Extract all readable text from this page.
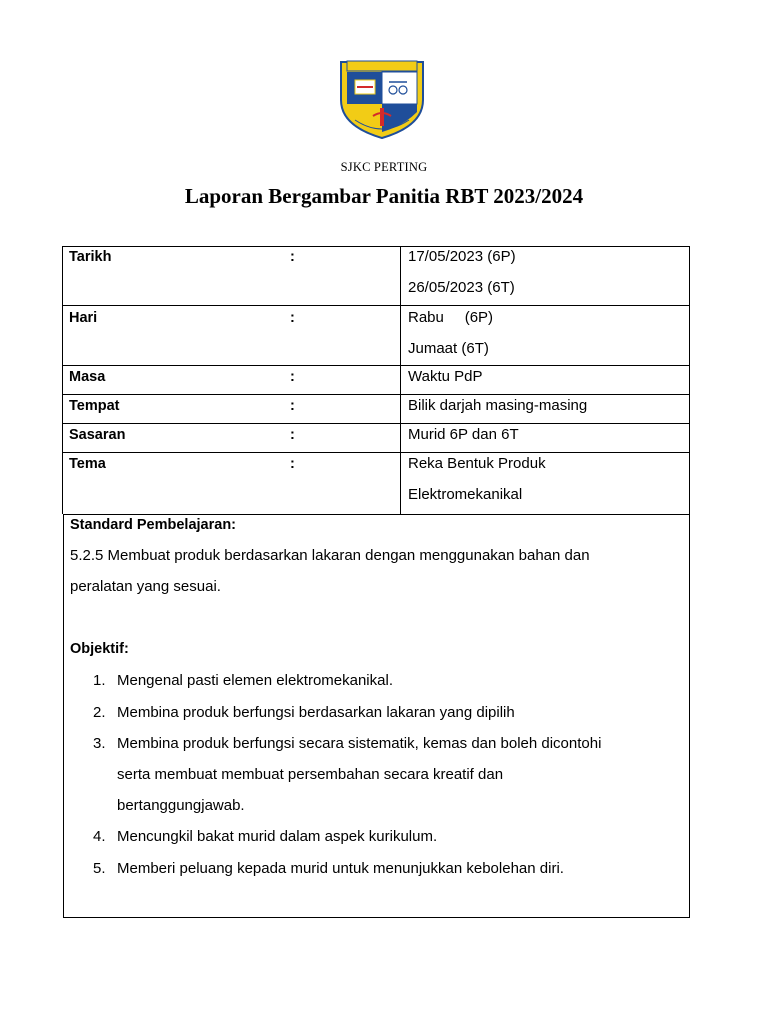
SJKC PERTING
Laporan Bergambar Panitia RBT 2023/2024
Tarikh	:	17/05/2023 (6P)
26/05/2023 (6T)
Hari	:	Rabu     (6P)
Jumaat (6T)
Masa	:	Waktu PdP
Tempat	:	Bilik darjah masing-masing
Sasaran	:	Murid 6P dan 6T
Tema	:	Reka Bentuk Produk
Elektromekanikal
Standard Pembelajaran:
5.2.5 Membuat produk berdasarkan lakaran dengan menggunakan bahan dan
peralatan yang sesuai.
Objektif:
1. Mengenal pasti elemen elektromekanikal.
2. Membina produk berfungsi berdasarkan lakaran yang dipilih
3. Membina produk berfungsi secara sistematik, kemas dan boleh dicontohi
serta membuat membuat persembahan secara kreatif dan
bertanggungjawab.
4. Mencungkil bakat murid dalam aspek kurikulum.
5. Memberi peluang kepada murid untuk menunjukkan kebolehan diri.
